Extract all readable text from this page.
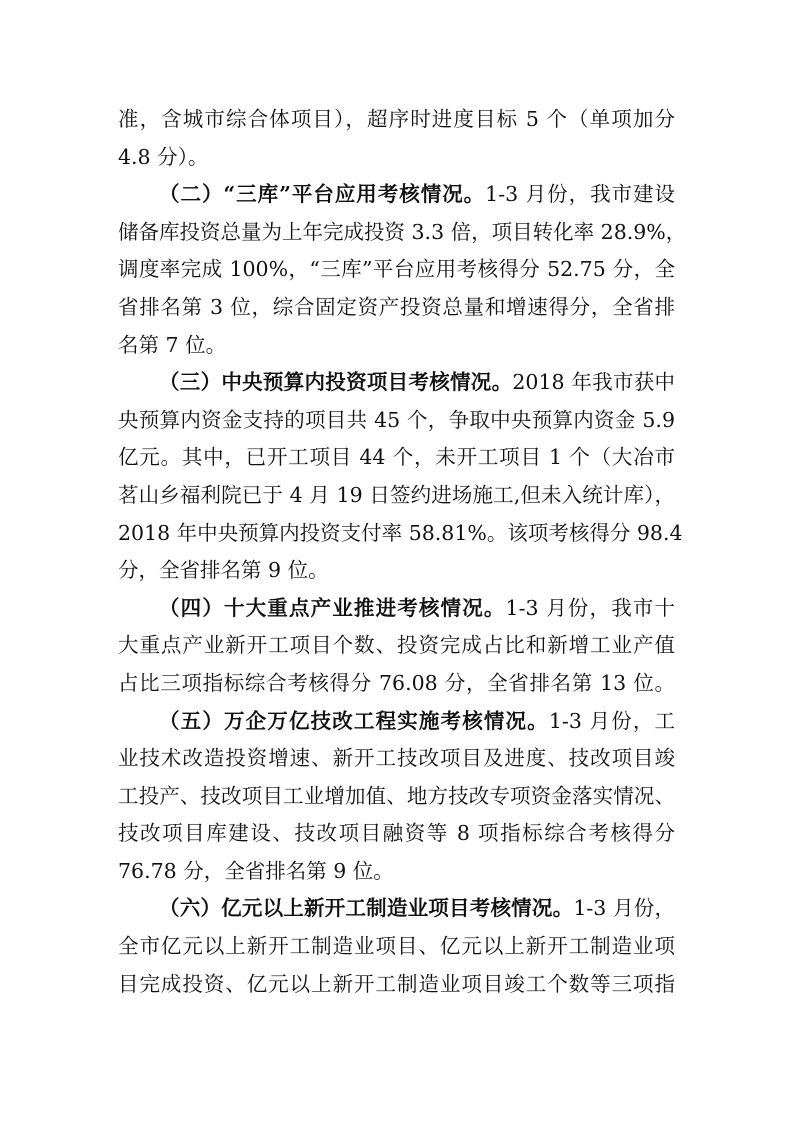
准，含城市综合体项目），超序时进度目标 5 个（单项加分
4.8 分）。
（二）“三库”平台应用考核情况。1-3 月份，我市建设
储备库投资总量为上年完成投资 3.3 倍，项目转化率 28.9%，
调度率完成 100%，“三库”平台应用考核得分 52.75 分，全
省排名第 3 位，综合固定资产投资总量和增速得分，全省排
名第 7 位。
（三）中央预算内投资项目考核情况。2018 年我市获中
央预算内资金支持的项目共 45 个，争取中央预算内资金 5.9
亿元。其中，已开工项目 44 个，未开工项目 1 个（大冶市
茗山乡福利院已于 4 月 19 日签约进场施工,但未入统计库），
2018 年中央预算内投资支付率 58.81%。该项考核得分 98.4
分，全省排名第 9 位。
（四）十大重点产业推进考核情况。1-3 月份，我市十
大重点产业新开工项目个数、投资完成占比和新增工业产值
占比三项指标综合考核得分 76.08 分，全省排名第 13 位。
（五）万企万亿技改工程实施考核情况。1-3 月份，工
业技术改造投资增速、新开工技改项目及进度、技改项目竣
工投产、技改项目工业增加值、地方技改专项资金落实情况、
技改项目库建设、技改项目融资等 8 项指标综合考核得分
76.78 分，全省排名第 9 位。
（六）亿元以上新开工制造业项目考核情况。1-3 月份，
全市亿元以上新开工制造业项目、亿元以上新开工制造业项
目完成投资、亿元以上新开工制造业项目竣工个数等三项指
